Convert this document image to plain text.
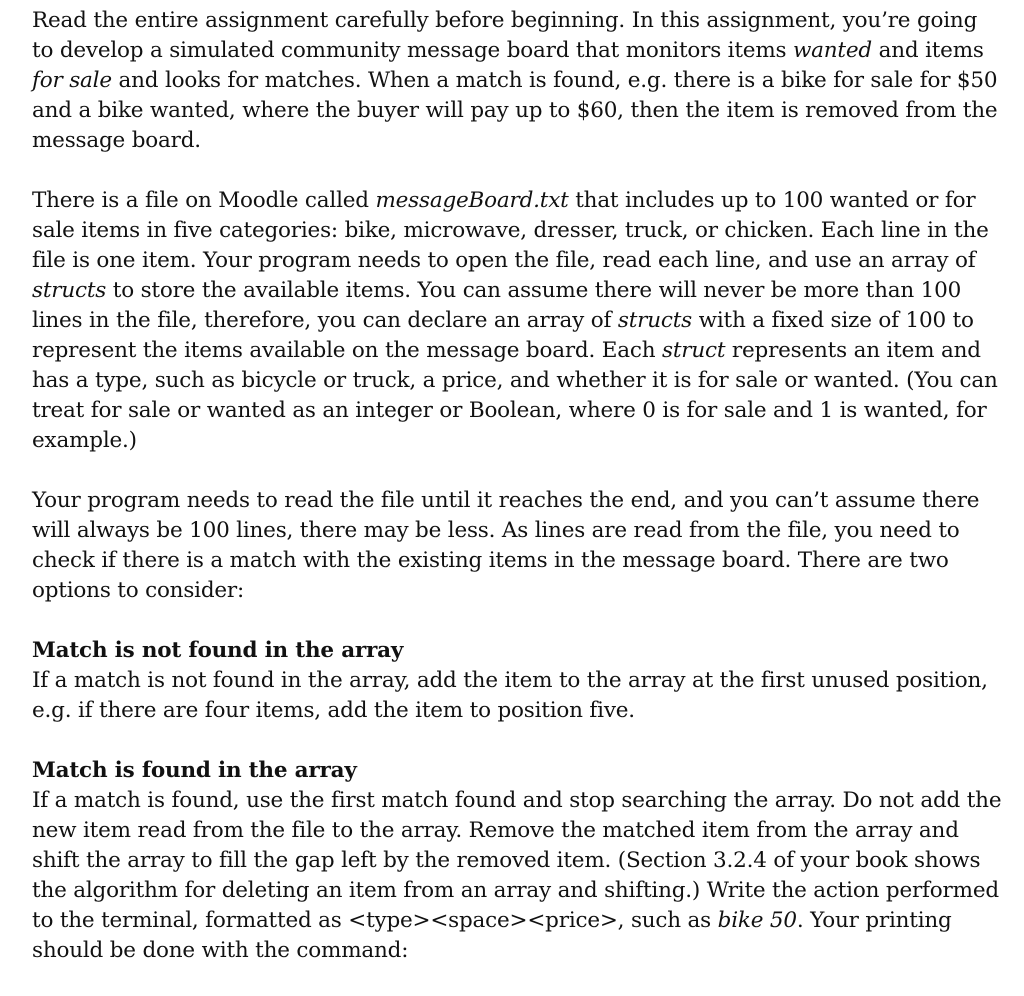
Read the entire assignment carefully before beginning. In this assignment, you’re going to develop a simulated community message board that monitors items wanted and items for sale and looks for matches. When a match is found, e.g. there is a bike for sale for $50 and a bike wanted, where the buyer will pay up to $60, then the item is removed from the message board.

There is a file on Moodle called messageBoard.txt that includes up to 100 wanted or for sale items in five categories: bike, microwave, dresser, truck, or chicken. Each line in the file is one item. Your program needs to open the file, read each line, and use an array of structs to store the available items. You can assume there will never be more than 100 lines in the file, therefore, you can declare an array of structs with a fixed size of 100 to represent the items available on the message board. Each struct represents an item and has a type, such as bicycle or truck, a price, and whether it is for sale or wanted. (You can treat for sale or wanted as an integer or Boolean, where 0 is for sale and 1 is wanted, for example.)

Your program needs to read the file until it reaches the end, and you can’t assume there will always be 100 lines, there may be less. As lines are read from the file, you need to check if there is a match with the existing items in the message board. There are two options to consider:

Match is not found in the array

If a match is not found in the array, add the item to the array at the first unused position, e.g. if there are four items, add the item to position five.

Match is found in the array

If a match is found, use the first match found and stop searching the array. Do not add the new item read from the file to the array. Remove the matched item from the array and shift the array to fill the gap left by the removed item. (Section 3.2.4 of your book shows the algorithm for deleting an item from an array and shifting.) Write the action performed to the terminal, formatted as <type><space><price>, such as bike 50. Your printing should be done with the command:
